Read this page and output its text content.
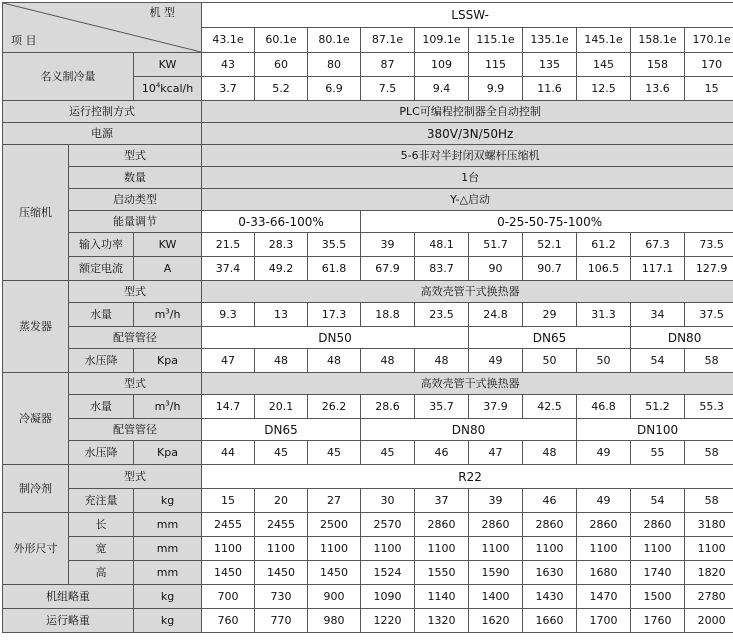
机 型
项 目			LSSW-									
			43.1e	60.1e	80.1e	87.1e	109.1e	115.1e	135.1e	145.1e	158.1e	170.1e
名义制冷量		KW	43	60	80	87	109	115	135	145	158	170
		$10^4kcal/h$	3.7	5.2	6.9	7.5	9.4	9.9	11.6	12.5	13.6	15
运行控制方式			PLC可编程控制器全自动控制									
电源			380V/3N/50Hz									
压缩机	型式		5-6非对半封闭双螺杆压缩机									
	数量		1台									
	启动类型		Y-△启动									
	能量调节		0-33-66-100%			0-25-50-75-100%						
	输入功率	KW	21.5	28.3	35.5	39	48.1	51.7	52.1	61.2	67.3	73.5
	额定电流	A	37.4	49.2	61.8	67.9	83.7	90	90.7	106.5	117.1	127.9
蒸发器	型式		高效壳管干式换热器									
	水量	$m^3/h$	9.3	13	17.3	18.8	23.5	24.8	29	31.3	34	37.5
	配管管径		DN50					DN65			DN80	
	水压降	Kpa	47	48	48	48	48	49	50	50	54	58
冷凝器	型式		高效壳管干式换热器									
	水量	$m^3/h$	14.7	20.1	26.2	28.6	35.7	37.9	42.5	46.8	51.2	55.3
	配管管径		DN65			DN80				DN100		
	水压降	Kpa	44	45	45	45	46	47	48	49	55	58
制冷剂	型式		R22									
	充注量	kg	15	20	27	30	37	39	46	49	54	58
外形尺寸	长	mm	2455	2455	2500	2570	2860	2860	2860	2860	2860	3180
	宽	mm	1100	1100	1100	1100	1100	1100	1100	1100	1100	1100
	高	mm	1450	1450	1450	1524	1550	1590	1630	1680	1740	1820
机组略重		kg	700	730	900	1090	1140	1400	1430	1470	1500	2780
运行略重		kg	760	770	980	1220	1320	1620	1660	1700	1760	2000
